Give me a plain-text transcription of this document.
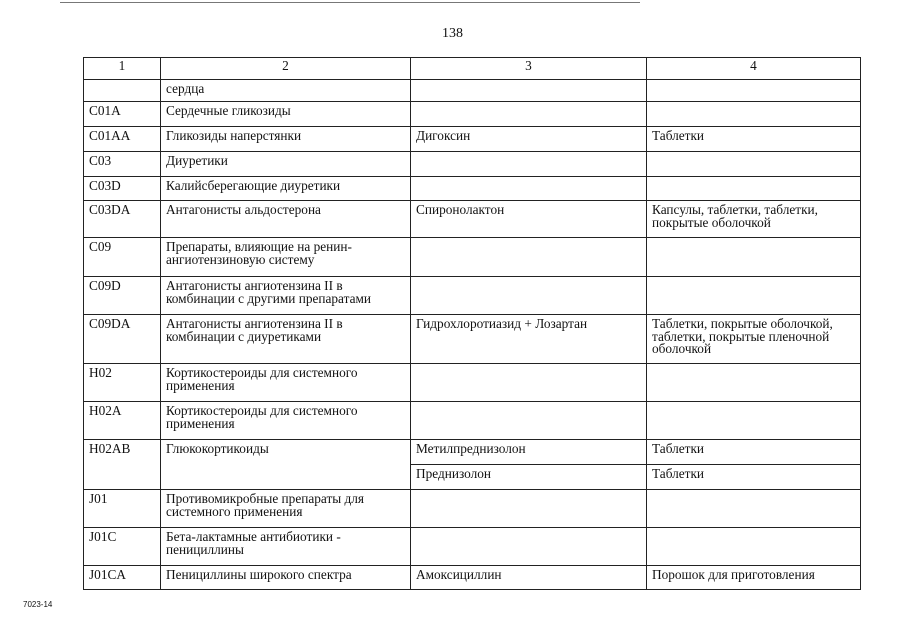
138
1	2	3	4
	сердца		
C01A	Сердечные гликозиды		
C01AA	Гликозиды наперстянки	Дигоксин	Таблетки
C03	Диуретики		
C03D	Калийсберегающие диуретики		
C03DA	Антагонисты альдостерона	Спиронолактон	Капсулы, таблетки, таблетки, покрытые оболочкой
C09	Препараты, влияющие на ренин-ангиотензиновую систему		
C09D	Антагонисты ангиотензина II в комбинации с другими препаратами		
C09DA	Антагонисты ангиотензина II в комбинации с диуретиками	Гидрохлоротиазид + Лозартан	Таблетки, покрытые оболочкой, таблетки, покрытые пленочной оболочкой
H02	Кортикостероиды для системного применения		
H02A	Кортикостероиды для системного применения		
H02AB	Глюкокортикоиды	Метилпреднизолон	Таблетки
		Преднизолон	Таблетки
J01	Противомикробные препараты для системного применения		
J01C	Бета-лактамные антибиотики - пенициллины		
J01CA	Пенициллины широкого спектра	Амоксициллин	Порошок для приготовления
7023-14
